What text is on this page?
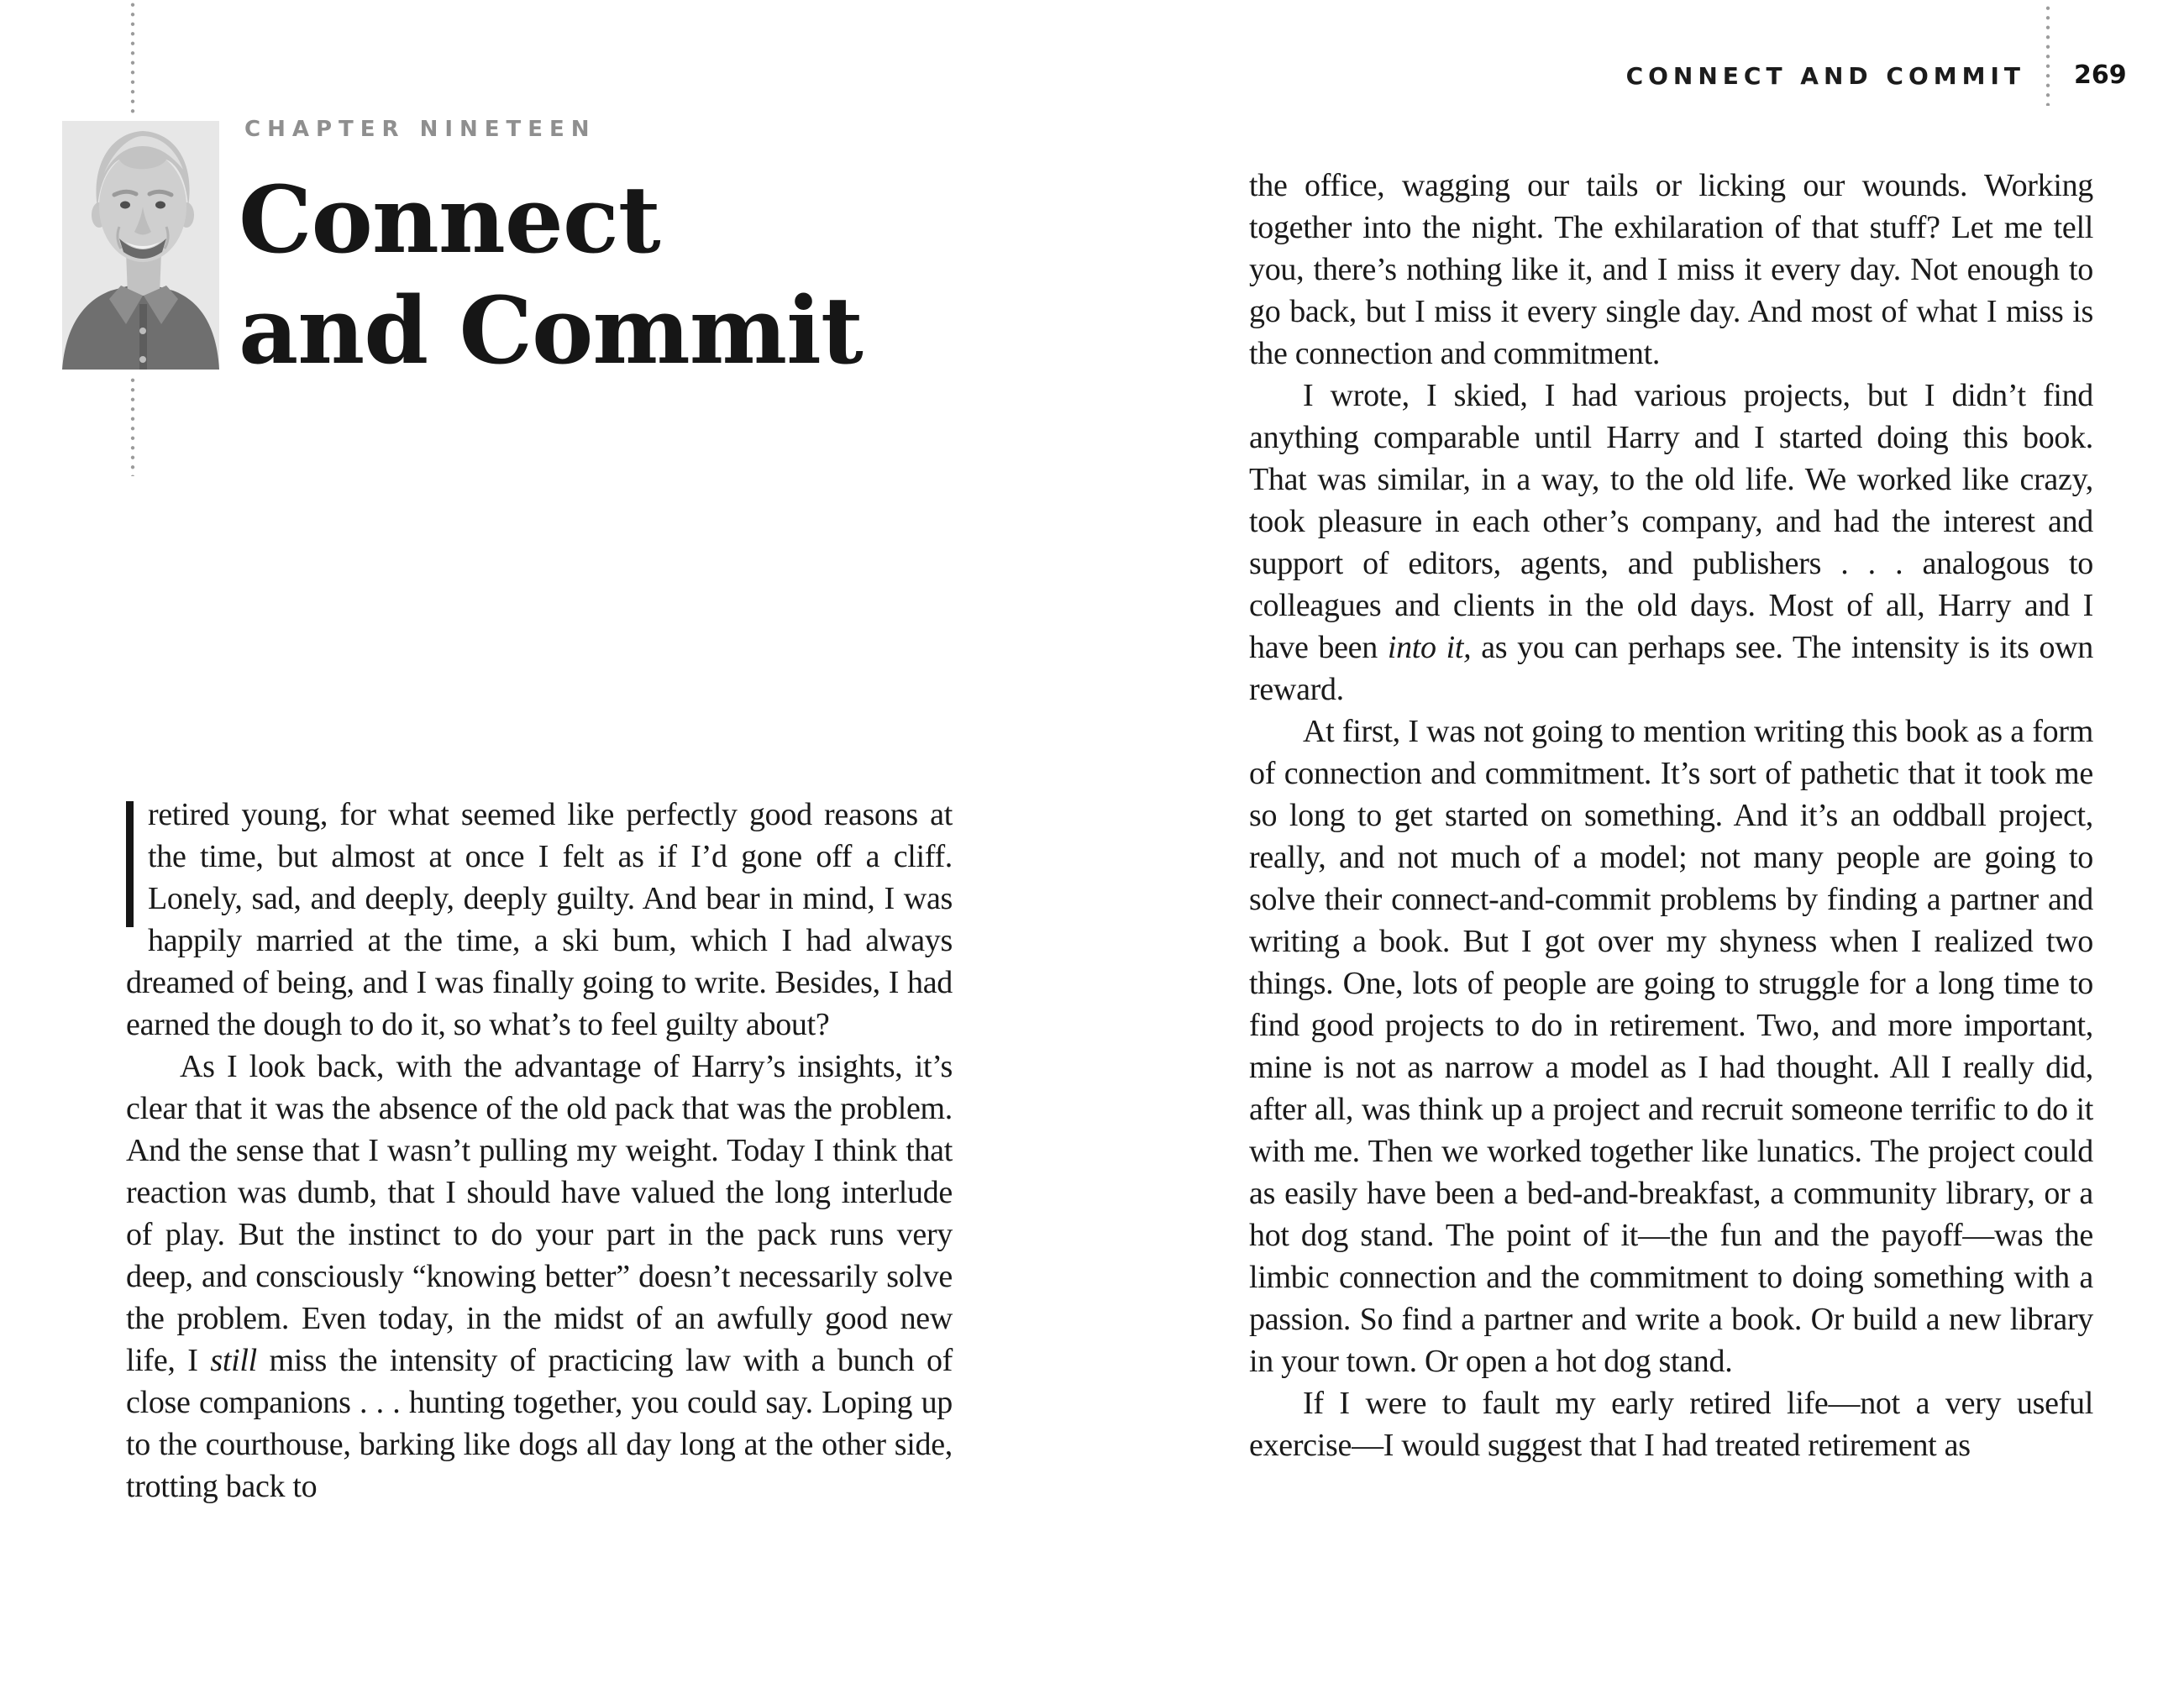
CHAPTER NINETEEN
Connect
and Commit

retired young, for what seemed like perfectly good reasons at the time, but almost at once I felt as if I’d gone off a cliff. Lonely, sad, and deeply, deeply guilty. And bear in mind, I was happily married at the time, a ski bum, which I had always dreamed of being, and I was finally going to write. Besides, I had earned the dough to do it, so what’s to feel guilty about?

As I look back, with the advantage of Harry’s insights, it’s clear that it was the absence of the old pack that was the problem. And the sense that I wasn’t pulling my weight. Today I think that reaction was dumb, that I should have valued the long interlude of play. But the instinct to do your part in the pack runs very deep, and consciously “knowing better” doesn’t necessarily solve the problem. Even today, in the midst of an awfully good new life, I still miss the intensity of practicing law with a bunch of close companions . . . hunting together, you could say. Loping up to the courthouse, barking like dogs all day long at the other side, trotting back to

CONNECT AND COMMIT 269

the office, wagging our tails or licking our wounds. Working together into the night. The exhilaration of that stuff? Let me tell you, there’s nothing like it, and I miss it every day. Not enough to go back, but I miss it every single day. And most of what I miss is the connection and commitment.

I wrote, I skied, I had various projects, but I didn’t find anything comparable until Harry and I started doing this book. That was similar, in a way, to the old life. We worked like crazy, took pleasure in each other’s company, and had the interest and support of editors, agents, and publishers . . . analogous to colleagues and clients in the old days. Most of all, Harry and I have been into it, as you can perhaps see. The intensity is its own reward.

At first, I was not going to mention writing this book as a form of connection and commitment. It’s sort of pathetic that it took me so long to get started on something. And it’s an oddball project, really, and not much of a model; not many people are going to solve their connect-and-commit problems by finding a partner and writing a book. But I got over my shyness when I realized two things. One, lots of people are going to struggle for a long time to find good projects to do in retirement. Two, and more important, mine is not as narrow a model as I had thought. All I really did, after all, was think up a project and recruit someone terrific to do it with me. Then we worked together like lunatics. The project could as easily have been a bed-and-breakfast, a community library, or a hot dog stand. The point of it—the fun and the payoff—was the limbic connection and the commitment to doing something with a passion. So find a partner and write a book. Or build a new library in your town. Or open a hot dog stand.

If I were to fault my early retired life—not a very useful exercise—I would suggest that I had treated retirement as
